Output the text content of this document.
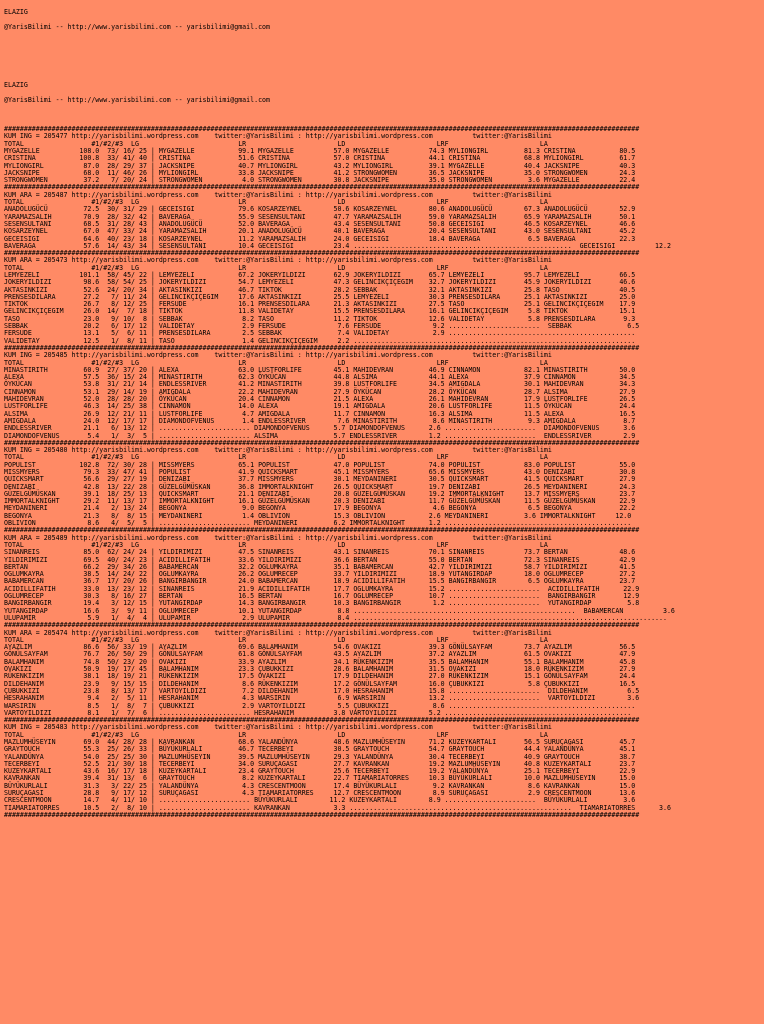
ELAZIG

@YarisBilimi -- http://www.yarisbilimi.com -- yarisbilimi@gmail.com

ELAZIG

@YarisBilimi -- http://www.yarisbilimi.com -- yarisbilimi@gmail.com

################################################################################################################################################################
KUM ING = 205477 http://yarisbilimi.wordpress.com    twitter:@YarisBilimi : http://yarisbilimi.wordpress.com          twitter:@YarisBilimi
TOTAL                 #1/#2/#3  LG                         LR                       LD                       LRF                       LA
MYGAZELLE          108.0  73/ 16/ 25 | MYGAZELLE           99.1 MYGAZELLE          57.0 MYGAZELLE          74.3 MYLIONGIRL         81.3 CRISTINA           80.5
CRISTINA           100.8  33/ 41/ 40 | CRISTINA            51.6 CRISTINA           57.0 CRISTINA           44.1 CRISTINA           68.8 MYLIONGIRL         61.7
MYLIONGIRL          87.0  28/ 29/ 37 | JACKSNIPE           40.7 MYLIONGIRL         43.2 MYLIONGIRL         39.1 MYGAZELLE          40.4 JACKSNIPE          40.3
JACKSNIPE           68.0  11/ 46/ 26 | MYLIONGIRL          33.8 JACKSNIPE          41.2 STRONGWOMEN        36.5 JACKSNIPE          35.0 STRONGWOMEN        24.3
STRONGWOMEN         37.2   7/ 20/ 24 | STRONGWOMEN          4.0 STRONGWOMEN        30.8 JACKSNIPE          35.0 STRONGWOMEN         3.6 MYGAZELLE          22.4
################################################################################################################################################################
KUM ARA = 205487 http://yarisbilimi.wordpress.com    twitter:@YarisBilimi : http://yarisbilimi.wordpress.com          twitter:@YarisBilimi
TOTAL                 #1/#2/#3  LG                         LR                       LD                       LRF                       LA
ANADOLUGÜCÜ         72.5  30/ 31/ 29 | GECEISIGI           79.6 KOSARZEYNEL        50.6 KOSARZEYNEL        80.6 ANADOLUGÜCÜ        67.3 ANADOLUGÜCÜ        52.9
YARAMAZSALIH        70.9  28/ 32/ 42 | BAVERAGA            55.9 SESENSULTANI       47.7 YARAMAZSALIH       59.0 YARAMAZSALIH       65.9 YARAMAZSALIH       50.1
SESENSULTANI        68.5  31/ 28/ 43 | ANADOLUGÜCÜ         52.0 BAVERAGA           43.4 SESENSULTANI       50.8 GECEISIGI          46.5 KOSARZEYNEL        46.6
KOSARZEYNEL         67.0  47/ 33/ 24 | YARAMAZSALIH        20.1 ANADOLUGÜCÜ        40.1 BAVERAGA           20.4 SESENSULTANI       43.0 SESENSULTANI       45.2
GECEISIGI           64.6  40/ 23/ 18 | KOSARZEYNEL         11.2 YARAMAZSALIH       24.0 GECEISIGI          18.4 BAVERAGA            6.5 BAVERAGA           22.3
BAVERAGA            57.6  14/ 43/ 34 | SESENSULTANI        10.4 GECEISIGI          23.4 .......................................................  GECEISIGI          12.2
################################################################################################################################################################
KUM ARA = 205473 http://yarisbilimi.wordpress.com    twitter:@YarisBilimi : http://yarisbilimi.wordpress.com          twitter:@YarisBilimi
TOTAL                 #1/#2/#3  LG                         LR                       LD                       LRF                       LA
LEMYEZELI          101.1  58/ 45/ 22 | LEMYEZELI           67.2 JOKERYILDIZI       62.9 JOKERYILDIZI       65.7 LEMYEZELI          95.7 LEMYEZELI          66.5
JOKERYILDIZI        98.6  58/ 54/ 25 | JOKERYILDIZI        54.7 LEMYEZELI          47.3 GELINCIKÇIÇEGIM    32.7 JOKERYILDIZI       45.9 JOKERYILDIZI       46.6
AKTASINKIZI         52.6  24/ 20/ 34 | AKTASINKIZI         46.7 TIKTOK             28.2 SEBBAK             32.1 AKTASINKIZI        25.8 TASO               40.5
PRENSESDILARA       27.2   7/ 11/ 24 | GELINCIKÇIÇEGIM     17.6 AKTASINKIZI        25.5 LEMYEZELI          30.3 PRENSESDILARA      25.1 AKTASINKIZI        25.0
TIKTOK              26.7   8/ 12/ 25 | FERSUDE             16.1 PRENSESDILARA      21.3 AKTASINKIZI        27.5 TASO               25.1 GELINCIKÇIÇEGIM    17.9
GELINCIKÇIÇEGIM     26.0  14/  7/ 18 | TIKTOK              11.8 VALIDETAY          15.5 PRENSESDILARA      16.1 GELINCIKÇIÇEGIM     5.8 TIKTOK             15.1
TASO                23.0   9/ 10/  8 | SEBBAK               8.2 TASO               11.2 TIKTOK             12.6 VALIDETAY           5.8 PRENSESDILARA       9.3
SEBBAK              20.2   6/ 17/ 12 | VALIDETAY            2.9 FERSUDE             7.6 FERSUDE             9.2 .......................  SEBBAK              6.5
FERSUDE             13.1   5/  6/ 11 | PRENSESDILARA        2.5 SEBBAK              7.4 VALIDETAY           2.9 ...............................................
VALIDETAY           12.5   1/  8/ 11 | TASO                 1.4 GELINCIKÇIÇEGIM     2.2 .......................................................................
################################################################################################################################################################
KUM ING = 205485 http://yarisbilimi.wordpress.com    twitter:@YarisBilimi : http://yarisbilimi.wordpress.com          twitter:@YarisBilimi
TOTAL                 #1/#2/#3  LG                         LR                       LD                       LRF                       LA
MINASTIRITH         60.9  27/ 37/ 20 | ALEXA               63.0 LUSTFORLIFE        45.1 MAHIDEVRAN         46.9 CINNAMON           82.1 MINASTIRITH        50.0
ALEXA               57.5  36/ 15/ 24 | MINASTIRITH         62.3 ÖYKÜCAN            44.8 ALSIMA             44.1 ALEXA              37.9 CINNAMON           34.5
ÖYKÜCAN             53.8  31/ 21/ 14 | ENDLESSRIVER        41.2 MINASTIRITH        39.8 LUSTFORLIFE        34.5 AMIGDALA           30.1 MAHIDEVRAN         34.3
CINNAMON            53.1  29/ 14/ 19 | AMIGDALA            22.2 MAHIDEVRAN         27.9 ÖYKÜCAN            28.2 ÖYKÜCAN            28.7 ALSIMA             27.9
MAHIDEVRAN          52.0  28/ 28/ 20 | ÖYKÜCAN             20.4 CINNAMON           21.5 ALEXA              26.1 MAHIDEVRAN         17.9 LUSTFORLIFE        26.5
LUSTFORLIFE         46.3  14/ 25/ 38 | CINNAMON            14.0 ALEXA              19.1 AMIGDALA           20.6 LUSTFORLIFE        11.5 ÖYKÜCAN            24.4
ALSIMA              26.9  12/ 21/ 11 | LUSTFORLIFE          4.7 AMIGDALA           11.7 CINNAMON           16.3 ALSIMA             11.5 ALEXA              16.5
AMIGDALA            24.0  12/ 17/ 17 | DIAMONDOFVENUS       1.4 ENDLESSRIVER        7.6 MINASTIRITH         8.6 MINASTIRITH         9.3 AMIGDALA            8.7
ENDLESSRIVER        21.1   6/ 13/ 12 | ....................... DIAMONDOFVENUS      5.7 DIAMONDOFVENUS      2.6 .......................  DIAMONDOFVENUS      3.6
DIAMONDOFVENUS       5.4   1/  3/  5 | ....................... ALSIMA              5.7 ENDLESSRIVER        1.2 .......................  ENDLESSRIVER        2.9
################################################################################################################################################################
KUM ING = 205480 http://yarisbilimi.wordpress.com    twitter:@YarisBilimi : http://yarisbilimi.wordpress.com          twitter:@YarisBilimi
TOTAL                 #1/#2/#3  LG                         LR                       LD                       LRF                       LA
POPULIST           102.8  72/ 30/ 28 | MISSMYERS           65.1 POPULIST           47.0 POPULIST           74.0 POPULIST           83.0 POPULIST           55.0
MISSMYERS           79.3  33/ 47/ 41 | POPULIST            41.9 QUICKSMART         45.1 MISSMYERS          65.6 MISSMYERS          43.0 DENIZABI           30.8
QUICKSMART          56.6  29/ 27/ 19 | DENIZABI            37.7 MISSMYERS          30.1 MEYDANINERI        30.5 QUICKSMART         41.5 QUICKSMART         27.9
DENIZABI            42.8  13/ 22/ 28 | GÜZELGÜMÜSKAN       36.8 IMMORTALKNIGHT     26.5 QUICKSMART         19.7 DENIZABI           26.5 MEYDANINERI        24.3
GÜZELGÜMÜSKAN       39.1  18/ 25/ 13 | QUICKSMART          21.1 DENIZABI           20.8 GÜZELGÜMÜSKAN      19.2 IMMORTALKNIGHT     13.7 MISSMYERS          23.7
IMMORTALKNIGHT      29.2  11/ 13/ 17 | IMMORTALKNIGHT      16.1 GÜZELGÜMÜSKAN      20.3 DENIZABI           11.7 GÜZELGÜMÜSKAN      11.5 GÜZELGÜMÜSKAN      22.9
MEYDANINERI         21.4   2/ 13/ 24 | BEGONYA              9.0 BEGONYA            17.9 BEGONYA             4.6 BEGONYA             6.5 BEGONYA            22.2
BEGONYA             21.3   8/  8/ 15 | MEYDANINERI          1.4 OBLIVION           15.3 OBLIVION           2.6 MEYDANINERI         3.6 IMMORTALKNIGHT     12.0
OBLIVION             8.6   4/  5/  5 | ....................... MEYDANINERI         6.2 IMMORTALKNIGHT      1.2 ...............................................
################################################################################################################################################################
KUM ARA = 205489 http://yarisbilimi.wordpress.com    twitter:@YarisBilimi : http://yarisbilimi.wordpress.com          twitter:@YarisBilimi
TOTAL                 #1/#2/#3  LG                         LR                       LD                       LRF                       LA
SINANREIS           85.0  62/ 24/ 24 | YILDIRIMIZI         47.5 SINANREIS          43.1 SINANREIS          70.1 SINANREIS          73.7 BERTAN             48.6
YILDIRIMIZI         69.5  40/ 24/ 23 | ACIDILLIFATIH       33.6 YILDIRIMIZI        36.6 BERTAN             55.0 BERTAN             72.3 SINANREIS          42.9
BERTAN              66.2  29/ 34/ 26 | BABAMERCAN          32.2 OGLUMKAYRA         35.1 BABAMERCAN         42.7 YILDIRIMIZI        58.7 YILDIRIMIZI        41.5
OGLUMKAYRA          38.5  14/ 24/ 22 | OGLUMKAYRA          26.2 OGLUMRECEP         33.7 YILDIRIMIZI        18.9 YUTANGIRDAP        18.0 OGLUMRECEP         27.2
BABAMERCAN          36.7  17/ 20/ 26 | BANGIRBANGIR        24.0 BABAMERCAN         18.9 ACIDILLIFATIH      15.5 BANGIRBANGIR        6.5 OGLUMKAYRA         23.7
ACIDILLIFATIH       33.0  13/ 23/ 12 | SINANREIS           21.9 ACIDILLIFATIH      17.7 OGLUMKAYRA         15.2 .......................  ACIDILLIFATIH      22.9
OGLUMRECEP          30.3   8/ 16/ 27 | BERTAN              16.5 BERTAN             16.7 OGLUMRECEP         10.7 .......................  BANGIRBANGIR       12.9
BANGIRBANGIR        19.4   3/ 12/ 15 | YUTANGIRDAP         14.3 BANGIRBANGIR       10.3 BANGIRBANGIR        1.2 .......................  YUTANGIRDAP         5.8
YUTANGIRDAP         16.6   3/  9/ 11 | OGLUMRECEP          10.1 YUTANGIRDAP         8.8 ........................................................  BABAMERCAN          3.6
ULUPAMIR             5.9   1/  4/  4 | ULUPAMIR             2.9 ULUPAMIR            8.4 ...............................................................................
################################################################################################################################################################
KUM ARA = 205474 http://yarisbilimi.wordpress.com    twitter:@YarisBilimi : http://yarisbilimi.wordpress.com          twitter:@YarisBilimi
TOTAL                 #1/#2/#3  LG                         LR                       LD                       LRF                       LA
AYAZLIM             86.6  56/ 33/ 19 | AYAZLIM             69.6 BALAMHANIM         54.6 OVAKIZI            39.3 GÖNÜLSAYFAM        73.7 AYAZLIM            56.5
GÖNÜLSAYFAM         76.7  26/ 50/ 29 | GÖNÜLSAYFAM         61.8 GÖNÜLSAYFAM        43.5 AYAZLIM            37.2 AYAZLIM            61.5 OVAKIZI            47.9
BALAMHANIM          74.8  50/ 23/ 20 | OVAKIZI             33.9 AYAZLIM            34.1 RÜKENKIZIM         35.5 BALAMHANIM         55.1 BALAMHANIM         45.8
OVAKIZI             50.9  19/ 17/ 45 | BALAMHANIM          23.3 ÇUBUKKIZI          28.6 BALAMHANIM         31.5 OVAKIZI            18.0 RÜKENKIZIM         27.9
RÜKENKIZIM          38.1  18/ 19/ 21 | RÜKENKIZIM          17.5 OVAKIZI            17.9 DILDEHANIM         27.0 RÜKENKIZIM         15.1 GÖNÜLSAYFAM        24.4
DILDEHANIM          23.9   9/ 15/ 15 | DILDEHANIM           8.6 RÜKENKIZIM         17.2 GÖNÜLSAYFAM        16.0 ÇUBUKKIZI           5.8 ÇUBUKKIZI          16.5
ÇUBUKKIZI           23.8   8/ 13/ 17 | VARTOYILDIZI         7.2 DILDEHANIM         17.0 HESRAHANIM         15.8 .......................  DILDEHANIM          6.5
HESRAHANIM           9.4   2/  5/ 11 | HESRAHANIM           4.3 WARSIRIN            6.9 WARSIRIN           13.2 .......................  VARTOYILDIZI        3.6
WARSIRIN             8.5   1/  8/  7 | ÇUBUKKIZI            2.9 VARTOYILDIZI        5.5 ÇUBUKKIZI           8.6 ...............................................
VARTOYILDIZI         8.1   1/  7/  6 | ....................... HESRAHANIM          3.8 VARTOYILDIZI        5.2 ...............................................
################################################################################################################################################################
KUM ING = 205483 http://yarisbilimi.wordpress.com    twitter:@YarisBilimi : http://yarisbilimi.wordpress.com          twitter:@YarisBilimi
TOTAL                 #1/#2/#3  LG                         LR                       LD                       LRF                       LA
MAZLUMHÜSEYIN       69.0  44/ 28/ 28 | KAVRANKAN           68.6 YALANDÜNYA         48.6 MAZLUMHÜSEYIN      71.2 KUZEYKARTALI       56.5 SURUÇAGASI         45.7
GRAYTOUCH           55.3  25/ 26/ 33 | BÜYÜKURLALI         46.7 TECERBEYI          30.5 GRAYTOUCH          54.7 GRAYTOUCH          44.4 YALANDÜNYA         45.1
YALANDÜNYA          54.0  25/ 25/ 30 | MAZLUMHÜSEYIN       39.5 MAZLUMHÜSEYIN      29.3 YALANDÜNYA         30.4 TECERBEYI          40.9 GRAYTOUCH          38.7
TECERBEYI           52.5  21/ 30/ 18 | TECERBEYI           34.0 SURUÇAGASI         27.7 KAVRANKAN          19.2 MAZLUMHÜSEYIN      40.8 KUZEYKARTALI       23.7
KUZEYKARTALI        43.6  16/ 17/ 18 | KUZEYKARTALI        23.4 GRAYTOUCH          25.6 TECERBEYI          19.2 YALANDÜNYA         25.1 TECERBEYI          22.9
KAVRANKAN           39.4  31/ 13/  6 | GRAYTOUCH            8.2 KUZEYKARTALI       22.7 TIAMARIATORRES     10.3 BÜYÜKURLALI        10.0 MAZLUMHÜSEYIN      15.0
BÜYÜKURLALI         31.3   3/ 22/ 25 | YALANDÜNYA           4.3 CRESCENTMOON       17.4 BÜYÜKURLALI         9.2 KAVRANKAN           8.6 KAVRANKAN          15.0
SURUÇAGASI          28.8   9/ 17/ 12 | SURUÇAGASI           4.3 TIAMARIATORRES     12.7 CRESCENTMOON        8.9 SURUÇAGASI          2.9 CRESCENTMOON       13.6
CRESCENTMOON        14.7   4/ 11/ 10 | ....................... BÜYÜKURLALI        11.2 KUZEYKARTALI        8.9 .......................  BÜYÜKURLALI         3.6
TIAMARIATORRES      10.5   2/  8/ 10 | ....................... KAVRANKAN           3.3 ........................................................  TIAMARIATORRES      3.6
################################################################################################################################################################
